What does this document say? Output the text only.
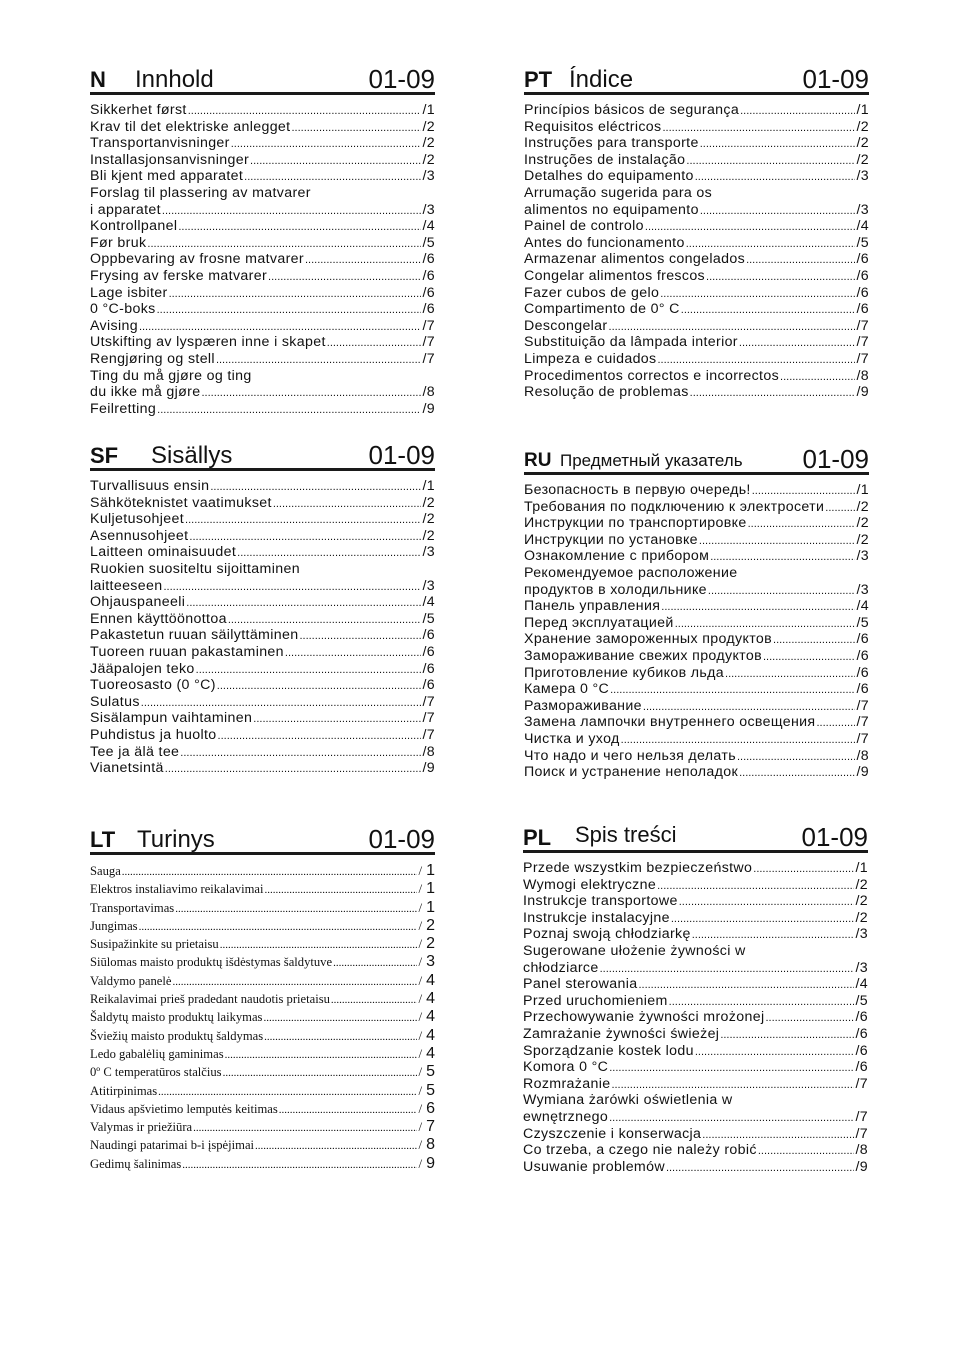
N Innhold	01-09
Sikkerhet først .....	/1
Krav til det elektriske anlegget .....	/2
Transportanvisninger .....	/2
Installasjonsanvisninger .....	/2
Bli kjent med apparatet .....	/3
Forslag til plassering av matvarer
i apparatet .....	/3
Kontrollpanel .....	/4
Før bruk .....	/5
Oppbevaring av frosne matvarer .....	/6
Frysing av ferske matvarer .....	/6
Lage isbiter .....	/6
0 °C-boks .....	/6
Avising .....	/7
Utskifting av lyspæren inne i skapet .....	/7
Rengjøring og stell .....	/7
Ting du må gjøre og ting
du ikke må gjøre .....	/8
Feilretting .....	/9
PT Índice	01-09
Princípios básicos de segurança .....	/1
Requisitos eléctricos .....	/2
Instruções para transporte .....	/2
Instruções de instalação .....	/2
Detalhes do equipamento .....	/3
Arrumação sugerida para os
alimentos no equipamento .....	/3
Painel de controlo .....	/4
Antes do funcionamento .....	/5
Armazenar alimentos congelados .....	/6
Congelar alimentos frescos .....	/6
Fazer cubos de gelo .....	/6
Compartimento de 0° C .....	/6
Descongelar .....	/7
Substituição da lâmpada interior .....	/7
Limpeza e cuidados .....	/7
Procedimentos correctos e incorrectos .....	/8
Resolução de problemas .....	/9
SF Sisällys	01-09
Turvallisuus ensin .....	/1
Sähköteknistet vaatimukset .....	/2
Kuljetusohjeet .....	/2
Asennusohjeet .....	/2
Laitteen ominaisuudet .....	/3
Ruokien suositeltu sijoittaminen
laitteeseen .....	/3
Ohjauspaneeli .....	/4
Ennen käyttöönottoa .....	/5
Pakastetun ruuan säilyttäminen .....	/6
Tuoreen ruuan pakastaminen .....	/6
Jääpalojen teko .....	/6
Tuoreosasto (0 °C) .....	/6
Sulatus .....	/7
Sisälampun vaihtaminen .....	/7
Puhdistus ja huolto .....	/7
Tee ja älä tee .....	/8
Vianetsintä .....	/9
RU Предметный указатель 01-09
Безопасность в первую очередь! .....	/1
Требования по подключению к электросети ..... /2
Инструкции по транспортировке .....	/2
Инструкции по установке .....	/2
Ознакомление с прибором .....	/3
Рекомендуемое расположение
продуктов в холодильнике .....	/3
Панель управления .....	/4
Перед эксплуатацией .....	/5
Хранение замороженных продуктов .....	/6
Замораживание свежих продуктов .....	/6
Приготовление кубиков льда .....	/6
Камера 0 °C .....	/6
Размораживание .....	/7
Замена лампочки внутреннего освещения .....	/7
Чистка и уход .....	/7
Что надо и чего нельзя делать .....	/8
Поиск и устранение неполадок .....	/9
LT Turinys	01-09
Sauga .....	/ 1
Elektros instaliavimo reikalavimai .....	/ 1
Transportavimas .....	/ 1
Jungimas .....	/ 2
Susipažinkite su prietaisu .....	/ 2
Siūlomas maisto produktų išdėstymas šaldytuve .....	/ 3
Valdymo panelė .....	/ 4
Reikalavimai prieš pradedant naudotis prietaisu .....	/ 4
Šaldytų maisto produktų laikymas .....	/ 4
Šviežių maisto produktų šaldymas .....	/ 4
Ledo gabalėlių gaminimas .....	/ 4
0º C temperatūros stalčius .....	/ 5
Atitirpinimas .....	/ 5
Vidaus apšvietimo lemputės keitimas .....	/ 6
Valymas ir priežiūra .....	/ 7
Naudingi patarimai b-i įspėjimai .....	/ 8
Gedimų šalinimas .....	/ 9
PL Spis treści	01-09
Przede wszystkim bezpieczeństwo .....	/1
Wymogi elektryczne .....	/2
Instrukcje transportowe .....	/2
Instrukcje instalacyjne .....	/2
Poznaj swoją chłodziarkę .....	/3
Sugerowane ułożenie żywności w
chłodziarce .....	/3
Panel sterowania .....	/4
Przed uruchomieniem .....	/5
Przechowywanie żywności mrożonej .....	/6
Zamrażanie żywności świeżej .....	/6
Sporządzanie kostek lodu .....	/6
Komora 0 °C .....	/6
Rozmrażanie .....	/7
Wymiana żarówki oświetlenia w
ewnętrznego .....	/7
Czyszczenie i konserwacja .....	/7
Co trzeba, a czego nie należy robić .....	/8
Usuwanie problemów .....	/9
